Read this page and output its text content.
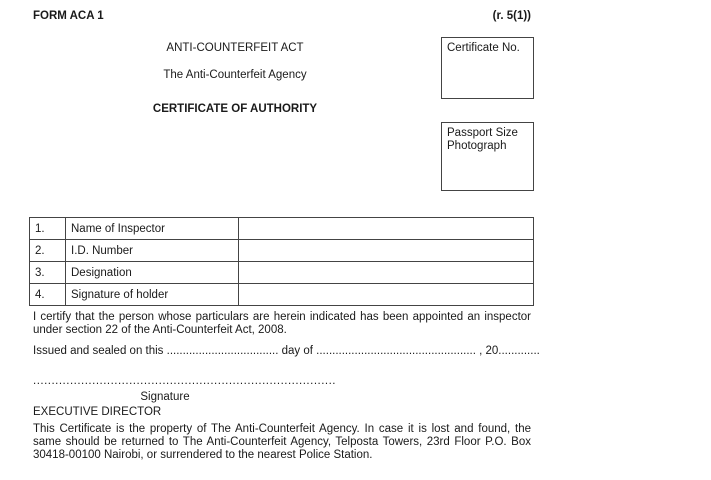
FORM ACA 1	(r. 5(1))
ANTI-COUNTERFEIT ACT
The Anti-Counterfeit Agency
CERTIFICATE OF AUTHORITY
Certificate No.
Passport Size
Photograph
1.	Name of Inspector	
2.	I.D. Number	
3.	Designation	
4.	Signature of holder	
I certify that the person whose particulars are herein indicated has been appointed an inspector under section 22 of the Anti-Counterfeit Act, 2008.
Issued and sealed on this ................................... day of .................................................. , 20.............
..................................................................................
Signature
EXECUTIVE DIRECTOR
This Certificate is the property of The Anti-Counterfeit Agency. In case it is lost and found, the same should be returned to The Anti-Counterfeit Agency, Telposta Towers, 23rd Floor P.O. Box 30418-00100 Nairobi, or surrendered to the nearest Police Station.
